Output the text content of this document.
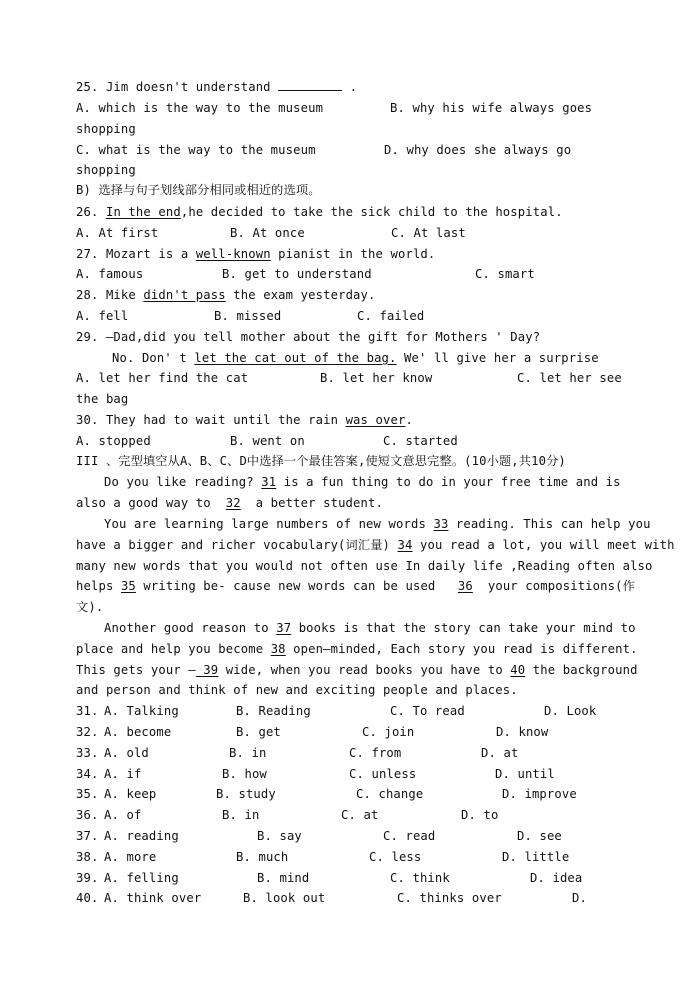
25. Jim doesn't understand	.
A. which is the way to the museum	B. why his wife always goes
shopping
C. what is the way to the museum	D. why does she always go
shopping
B) 选择与句子划线部分相同或相近的选项。
26. In the end,he decided to take the sick child to the hospital.
A. At first	B. At once	C. At last
27. Mozart is a well-known pianist in the world.
A. famous	B. get to understand	C. smart
28. Mike didn't pass the exam yesterday.
A. fell	B. missed	C. failed
29. —Dad,did you tell mother about the gift for Mothers ' Day?
No. Don' t let the cat out of the bag. We' ll give her a surprise
A. let her find the cat	B. let her know	C. let her see
the bag
30. They had to wait until the rain was over.
A. stopped	B. went on	C. started
III 、完型填空从A、B、C、D中选择一个最佳答案,使短文意思完整。(10小题,共10分)
Do you like reading? 31 is a fun thing to do in your free time and is
also a good way to  32  a better student.
You are learning large numbers of new words 33 reading. This can help you
have a bigger and richer vocabulary(词汇量) 34 you read a lot, you will meet with
many new words that you would not often use In daily life ,Reading often also
helps 35 writing be- cause new words can be used   36  your compositions(作
文).
Another good reason to 37 books is that the story can take your mind to
place and help you become 38 open—minded, Each story you read is different.
This gets your — 39 wide, when you read books you have to 40 the background
and person and think of new and exciting people and places.
31. A. Talking	B. Reading	C. To read	D. Look
32. A. become	B. get	C. join	D. know
33. A. old	B. in	C. from	D. at
34. A. if	B. how	C. unless	D. until
35. A. keep	B. study	C. change	D. improve
36. A. of	B. in	C. at	D. to
37. A. reading	B. say	C. read	D. see
38. A. more	B. much	C. less	D. little
39. A. felling	B. mind	C. think	D. idea
40. A. think over	B. look out	C. thinks over	D.
